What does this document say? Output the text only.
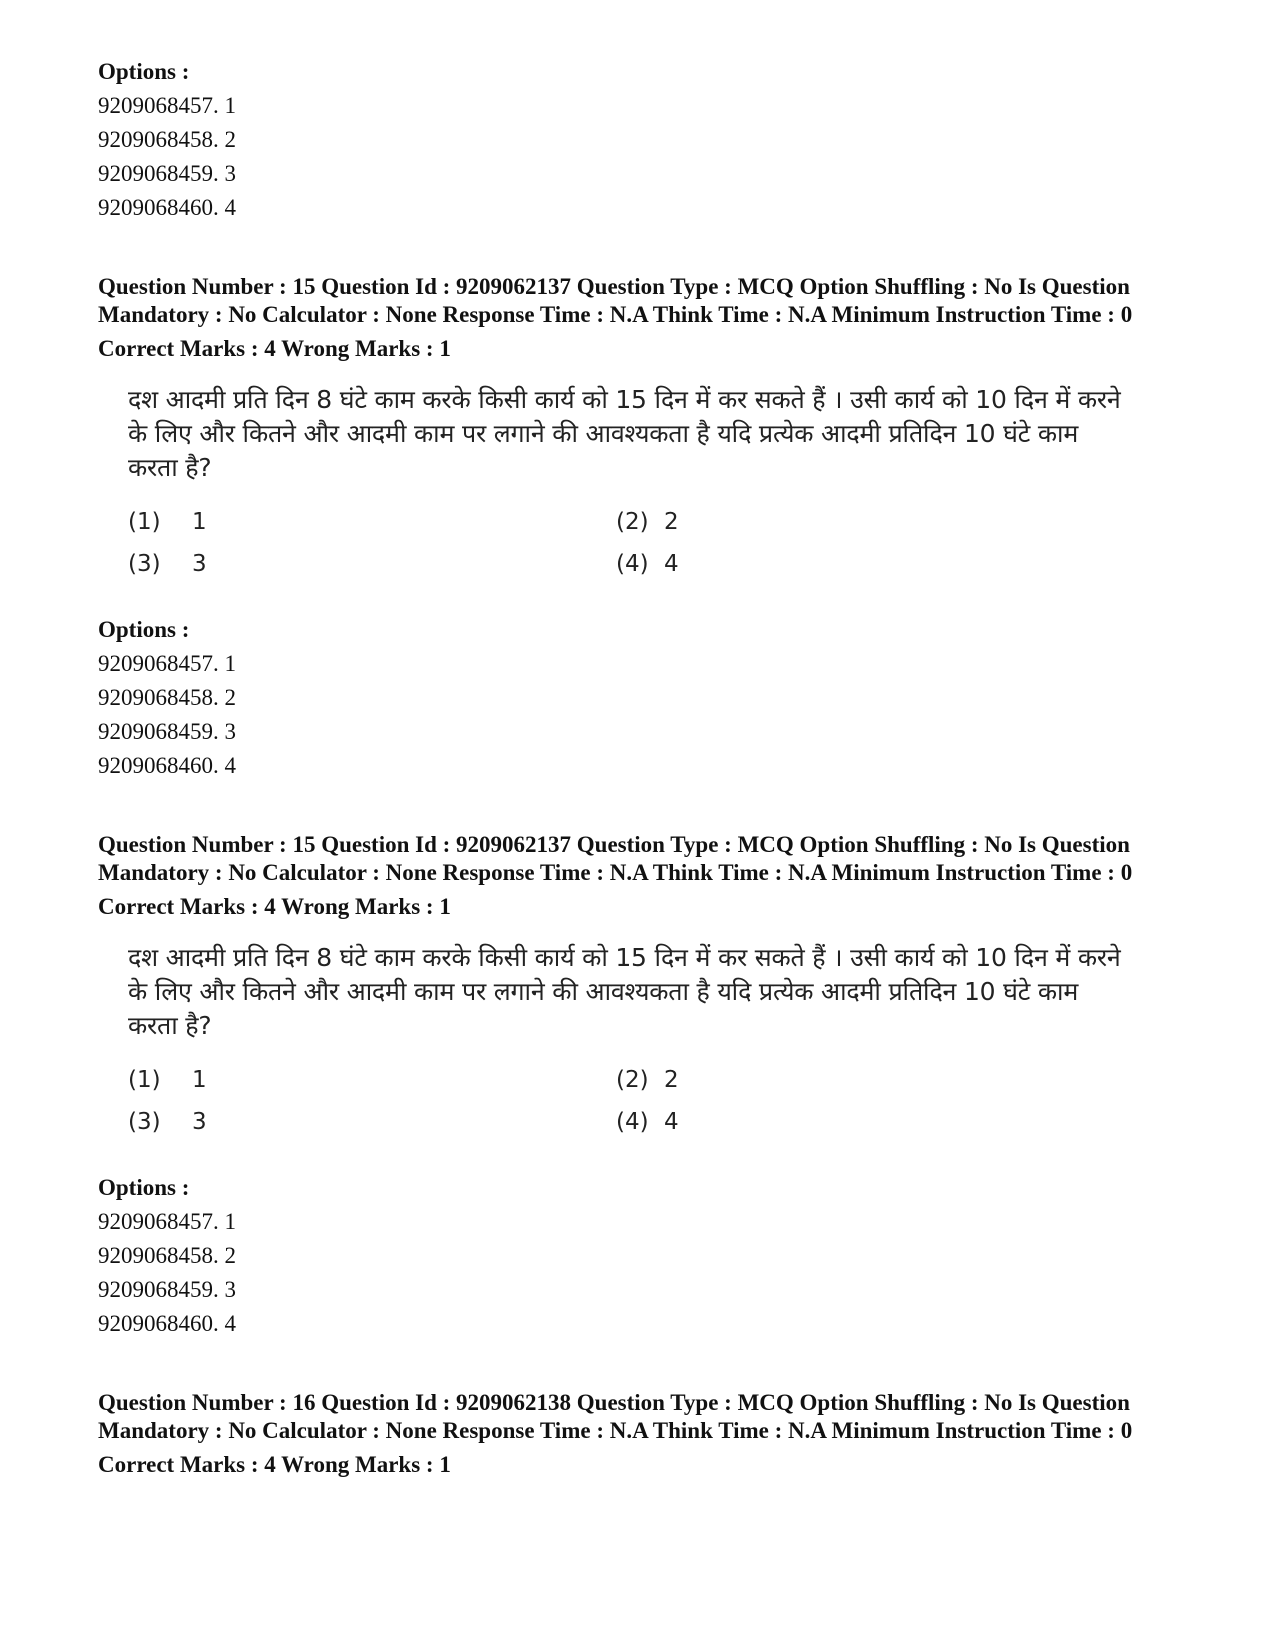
Options :
9209068457. 1
9209068458. 2
9209068459. 3
9209068460. 4
Question Number : 15 Question Id : 9209062137 Question Type : MCQ Option Shuffling : No Is Question Mandatory : No Calculator : None Response Time : N.A Think Time : N.A Minimum Instruction Time : 0
Correct Marks : 4 Wrong Marks : 1
दश आदमी प्रति दिन 8 घंटे काम करके किसी कार्य को 15 दिन में कर सकते हैं । उसी कार्य को 10 दिन में करने के लिए और कितने और आदमी काम पर लगाने की आवश्यकता है यदि प्रत्येक आदमी प्रतिदिन 10 घंटे काम करता है?
(1) 1	(2) 2
(3) 3	(4) 4
Options :
9209068457. 1
9209068458. 2
9209068459. 3
9209068460. 4
Question Number : 15 Question Id : 9209062137 Question Type : MCQ Option Shuffling : No Is Question Mandatory : No Calculator : None Response Time : N.A Think Time : N.A Minimum Instruction Time : 0
Correct Marks : 4 Wrong Marks : 1
दश आदमी प्रति दिन 8 घंटे काम करके किसी कार्य को 15 दिन में कर सकते हैं । उसी कार्य को 10 दिन में करने के लिए और कितने और आदमी काम पर लगाने की आवश्यकता है यदि प्रत्येक आदमी प्रतिदिन 10 घंटे काम करता है?
(1) 1	(2) 2
(3) 3	(4) 4
Options :
9209068457. 1
9209068458. 2
9209068459. 3
9209068460. 4
Question Number : 16 Question Id : 9209062138 Question Type : MCQ Option Shuffling : No Is Question Mandatory : No Calculator : None Response Time : N.A Think Time : N.A Minimum Instruction Time : 0
Correct Marks : 4 Wrong Marks : 1
